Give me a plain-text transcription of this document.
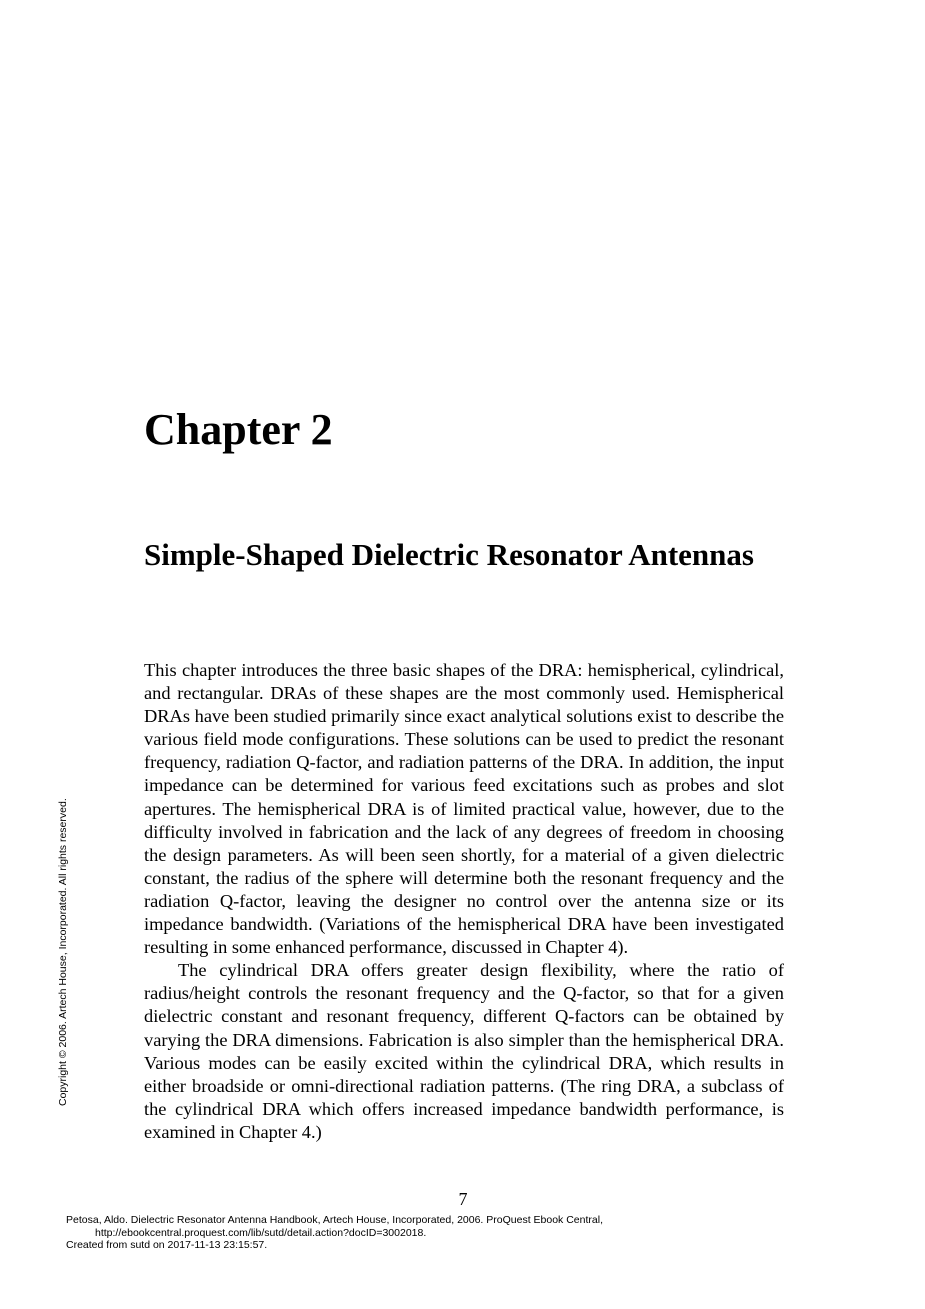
Chapter 2
Simple-Shaped Dielectric Resonator Antennas

This chapter introduces the three basic shapes of the DRA: hemispherical, cylindrical, and rectangular. DRAs of these shapes are the most commonly used. Hemispherical DRAs have been studied primarily since exact analytical solutions exist to describe the various field mode configurations. These solutions can be used to predict the resonant frequency, radiation Q-factor, and radiation patterns of the DRA. In addition, the input impedance can be determined for various feed excitations such as probes and slot apertures. The hemispherical DRA is of limited practical value, however, due to the difficulty involved in fabrication and the lack of any degrees of freedom in choosing the design parameters. As will been seen shortly, for a material of a given dielectric constant, the radius of the sphere will determine both the resonant frequency and the radiation Q-factor, leaving the designer no control over the antenna size or its impedance bandwidth. (Variations of the hemispherical DRA have been investigated resulting in some enhanced performance, discussed in Chapter 4).

The cylindrical DRA offers greater design flexibility, where the ratio of radius/height controls the resonant frequency and the Q-factor, so that for a given dielectric constant and resonant frequency, different Q-factors can be obtained by varying the DRA dimensions. Fabrication is also simpler than the hemispherical DRA. Various modes can be easily excited within the cylindrical DRA, which results in either broadside or omni-directional radiation patterns. (The ring DRA, a subclass of the cylindrical DRA which offers increased impedance bandwidth performance, is examined in Chapter 4.)

7
Petosa, Aldo. Dielectric Resonator Antenna Handbook, Artech House, Incorporated, 2006. ProQuest Ebook Central,
http://ebookcentral.proquest.com/lib/sutd/detail.action?docID=3002018.
Created from sutd on 2017-11-13 23:15:57.
Copyright © 2006. Artech House, Incorporated. All rights reserved.
